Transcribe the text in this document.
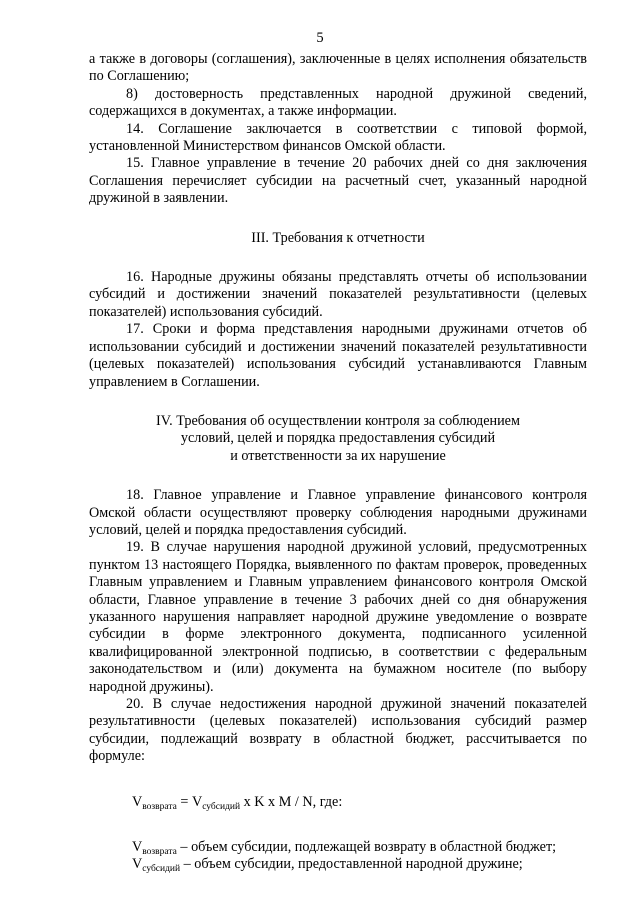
5

а также в договоры (соглашения), заключенные в целях исполнения обязательств по Соглашению;

8) достоверность представленных народной дружиной сведений, содержащихся в документах, а также информации.

14. Соглашение заключается в соответствии с типовой формой, установленной Министерством финансов Омской области.

15. Главное управление в течение 20 рабочих дней со дня заключения Соглашения перечисляет субсидии на расчетный счет, указанный народной дружиной в заявлении.

III. Требования к отчетности

16. Народные дружины обязаны представлять отчеты об использовании субсидий и достижении значений показателей результативности (целевых показателей) использования субсидий.

17. Сроки и форма представления народными дружинами отчетов об использовании субсидий и достижении значений показателей результативности (целевых показателей) использования субсидий устанавливаются Главным управлением в Соглашении.

IV. Требования об осуществлении контроля за соблюдением
условий, целей и порядка предоставления субсидий
и ответственности за их нарушение

18. Главное управление и Главное управление финансового контроля Омской области осуществляют проверку соблюдения народными дружинами условий, целей и порядка предоставления субсидий.

19. В случае нарушения народной дружиной условий, предусмотренных пунктом 13 настоящего Порядка, выявленного по фактам проверок, проведенных Главным управлением и Главным управлением финансового контроля Омской области, Главное управление в течение 3 рабочих дней со дня обнаружения указанного нарушения направляет народной дружине уведомление о возврате субсидии в форме электронного документа, подписанного усиленной квалифицированной электронной подписью, в соответствии с федеральным законодательством и (или) документа на бумажном носителе (по выбору народной дружины).

20. В случае недостижения народной дружиной значений показателей результативности (целевых показателей) использования субсидий размер субсидии, подлежащий возврату в областной бюджет, рассчитывается по формуле:

$V_{возврата} = V_{субсидий}$ x K x M / N, где:

$V_{возврата}$ – объем субсидии, подлежащей возврату в областной бюджет;

$V_{субсидий}$ – объем субсидии, предоставленной народной дружине;
